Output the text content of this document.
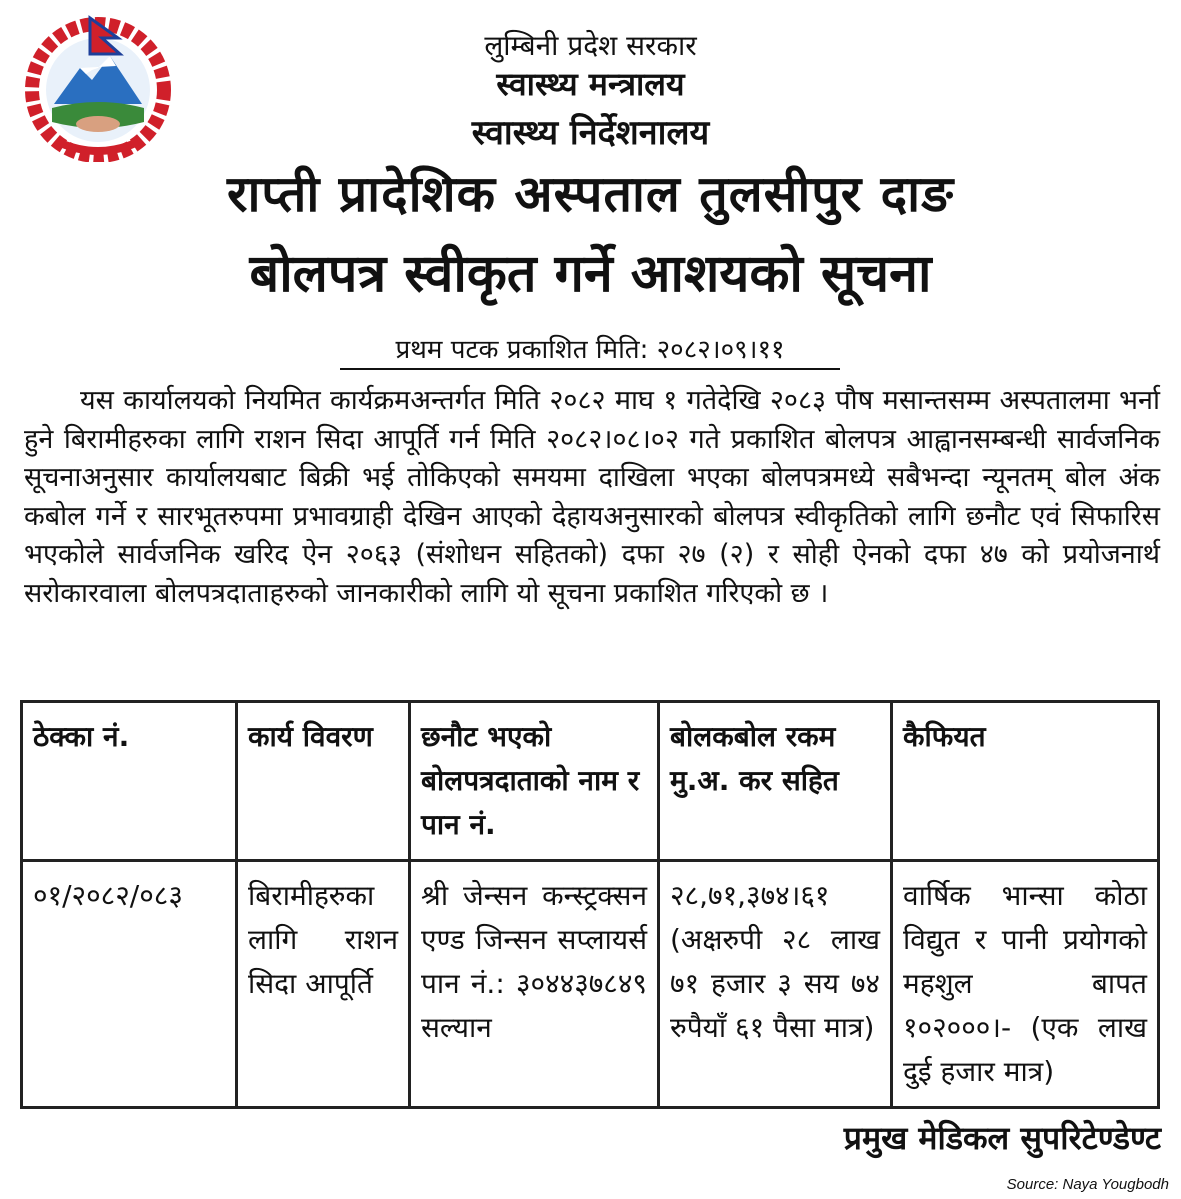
लुम्बिनी प्रदेश सरकार
स्वास्थ्य मन्त्रालय
स्वास्थ्य निर्देशनालय
राप्ती प्रादेशिक अस्पताल तुलसीपुर दाङ
बोलपत्र स्वीकृत गर्ने आशयको सूचना
प्रथम पटक प्रकाशित मिति: २०८२।०९।११
यस कार्यालयको नियमित कार्यक्रमअन्तर्गत मिति २०८२ माघ १ गतेदेखि २०८३ पौष मसान्तसम्म अस्पतालमा भर्ना हुने बिरामीहरुका लागि राशन सिदा आपूर्ति गर्न मिति २०८२।०८।०२ गते प्रकाशित बोलपत्र आह्वानसम्बन्धी सार्वजनिक सूचनाअनुसार कार्यालयबाट बिक्री भई तोकिएको समयमा दाखिला भएका बोलपत्रमध्ये सबैभन्दा न्यूनतम् बोल अंक कबोल गर्ने र सारभूतरुपमा प्रभावग्राही देखिन आएको देहायअनुसारको बोलपत्र स्वीकृतिको लागि छनौट एवं सिफारिस भएकोले सार्वजनिक खरिद ऐन २०६३ (संशोधन सहितको) दफा २७ (२) र सोही ऐनको दफा ४७ को प्रयोजनार्थ सरोकारवाला बोलपत्रदाताहरुको जानकारीको लागि यो सूचना प्रकाशित गरिएको छ ।
ठेक्का नं.	कार्य विवरण	छनौट भएको बोलपत्रदाताको नाम र पान नं.	बोलकबोल रकम मु.अ. कर सहित	कैफियत
०१/२०८२/०८३	बिरामीहरुका लागि राशन सिदा आपूर्ति	श्री जेन्सन कन्स्ट्रक्सन एण्ड जिन्सन सप्लायर्स पान नं.: ३०४४३७८४९ सल्यान	२८,७१,३७४।६१ (अक्षरुपी २८ लाख ७१ हजार ३ सय ७४ रुपैयाँ ६१ पैसा मात्र)	वार्षिक भान्सा कोठा विद्युत र पानी प्रयोगको महशुल बापत १०२०००।- (एक लाख दुई हजार मात्र)
प्रमुख मेडिकल सुपरिटेण्डेण्ट
Source: Naya Yougbodh
